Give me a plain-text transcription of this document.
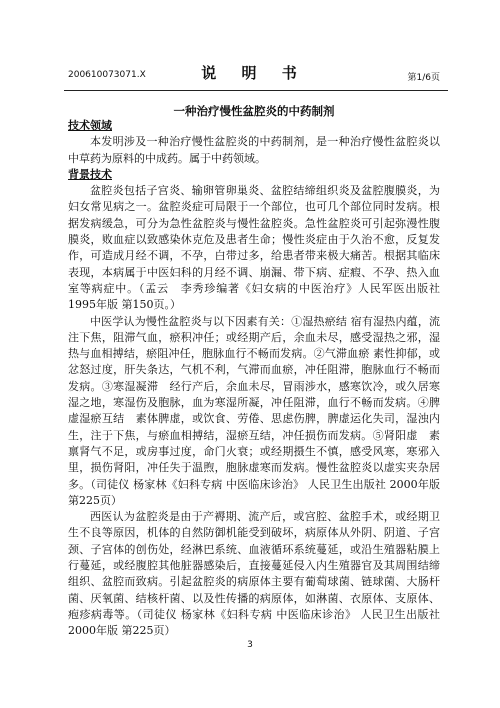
200610073071.X	说 明 书	第1/6页
一种治疗慢性盆腔炎的中药制剂
技术领域

本发明涉及一种治疗慢性盆腔炎的中药制剂，是一种治疗慢性盆腔炎以中草药为原料的中成药。属于中药领域。

背景技术

盆腔炎包括子宫炎、输卵管卵巢炎、盆腔结缔组织炎及盆腔腹膜炎，为妇女常见病之一。盆腔炎症可局限于一个部位，也可几个部位同时发病。根据发病缓急，可分为急性盆腔炎与慢性盆腔炎。急性盆腔炎可引起弥漫性腹膜炎，败血症以致感染休克危及患者生命；慢性炎症由于久治不愈，反复发作，可造成月经不调，不孕，白带过多，给患者带来极大痛苦。根据其临床表现，本病属于中医妇科的月经不调、崩漏、带下病、症瘕、不孕、热入血室等病症中。（孟云　李秀珍编著《妇女病的中医治疗》人民军医出版社 1995年版 第150页。）

中医学认为慢性盆腔炎与以下因素有关：①湿热瘀结 宿有湿热内蕴，流注下焦，阻滞气血，瘀积冲任；或经期产后，余血未尽，感受湿热之邪，湿热与血相搏结，瘀阻冲任，胞脉血行不畅而发病。②气滞血瘀 素性抑郁，或忿怒过度，肝失条达，气机不利，气滞而血瘀，冲任阻滞，胞脉血行不畅而发病。③寒湿凝滞　经行产后，余血未尽，冒雨涉水，感寒饮冷，或久居寒湿之地，寒湿伤及胞脉，血为寒湿所凝，冲任阻滞，血行不畅而发病。④脾虚湿瘀互结　素体脾虚，或饮食、劳倦、思虑伤脾，脾虚运化失司，湿浊内生，注于下焦，与瘀血相搏结，湿瘀互结，冲任损伤而发病。⑤肾阳虚　素禀肾气不足，或房事过度，命门火衰；或经期摄生不慎，感受风寒，寒邪入里，损伤肾阳，冲任失于温煦，胞脉虚寒而发病。慢性盆腔炎以虚实夹杂居多。（司徒仪 杨家林《妇科专病 中医临床诊治》 人民卫生出版社 2000年版 第225页）

西医认为盆腔炎是由于产褥期、流产后，或宫腔、盆腔手术，或经期卫生不良等原因，机体的自然防御机能受到破坏，病原体从外阴、阴道、子宫颈、子宫体的创伤处，经淋巴系统、血液循环系统蔓延，或沿生殖器粘膜上行蔓延，或经腹腔其他脏器感染后，直接蔓延侵入内生殖器官及其周围结缔组织、盆腔而致病。引起盆腔炎的病原体主要有葡萄球菌、链球菌、大肠杆菌、厌氧菌、结核杆菌、以及性传播的病原体，如淋菌、衣原体、支原体、疱疹病毒等。（司徒仪 杨家林《妇科专病 中医临床诊治》 人民卫生出版社 2000年版 第225页）

3
